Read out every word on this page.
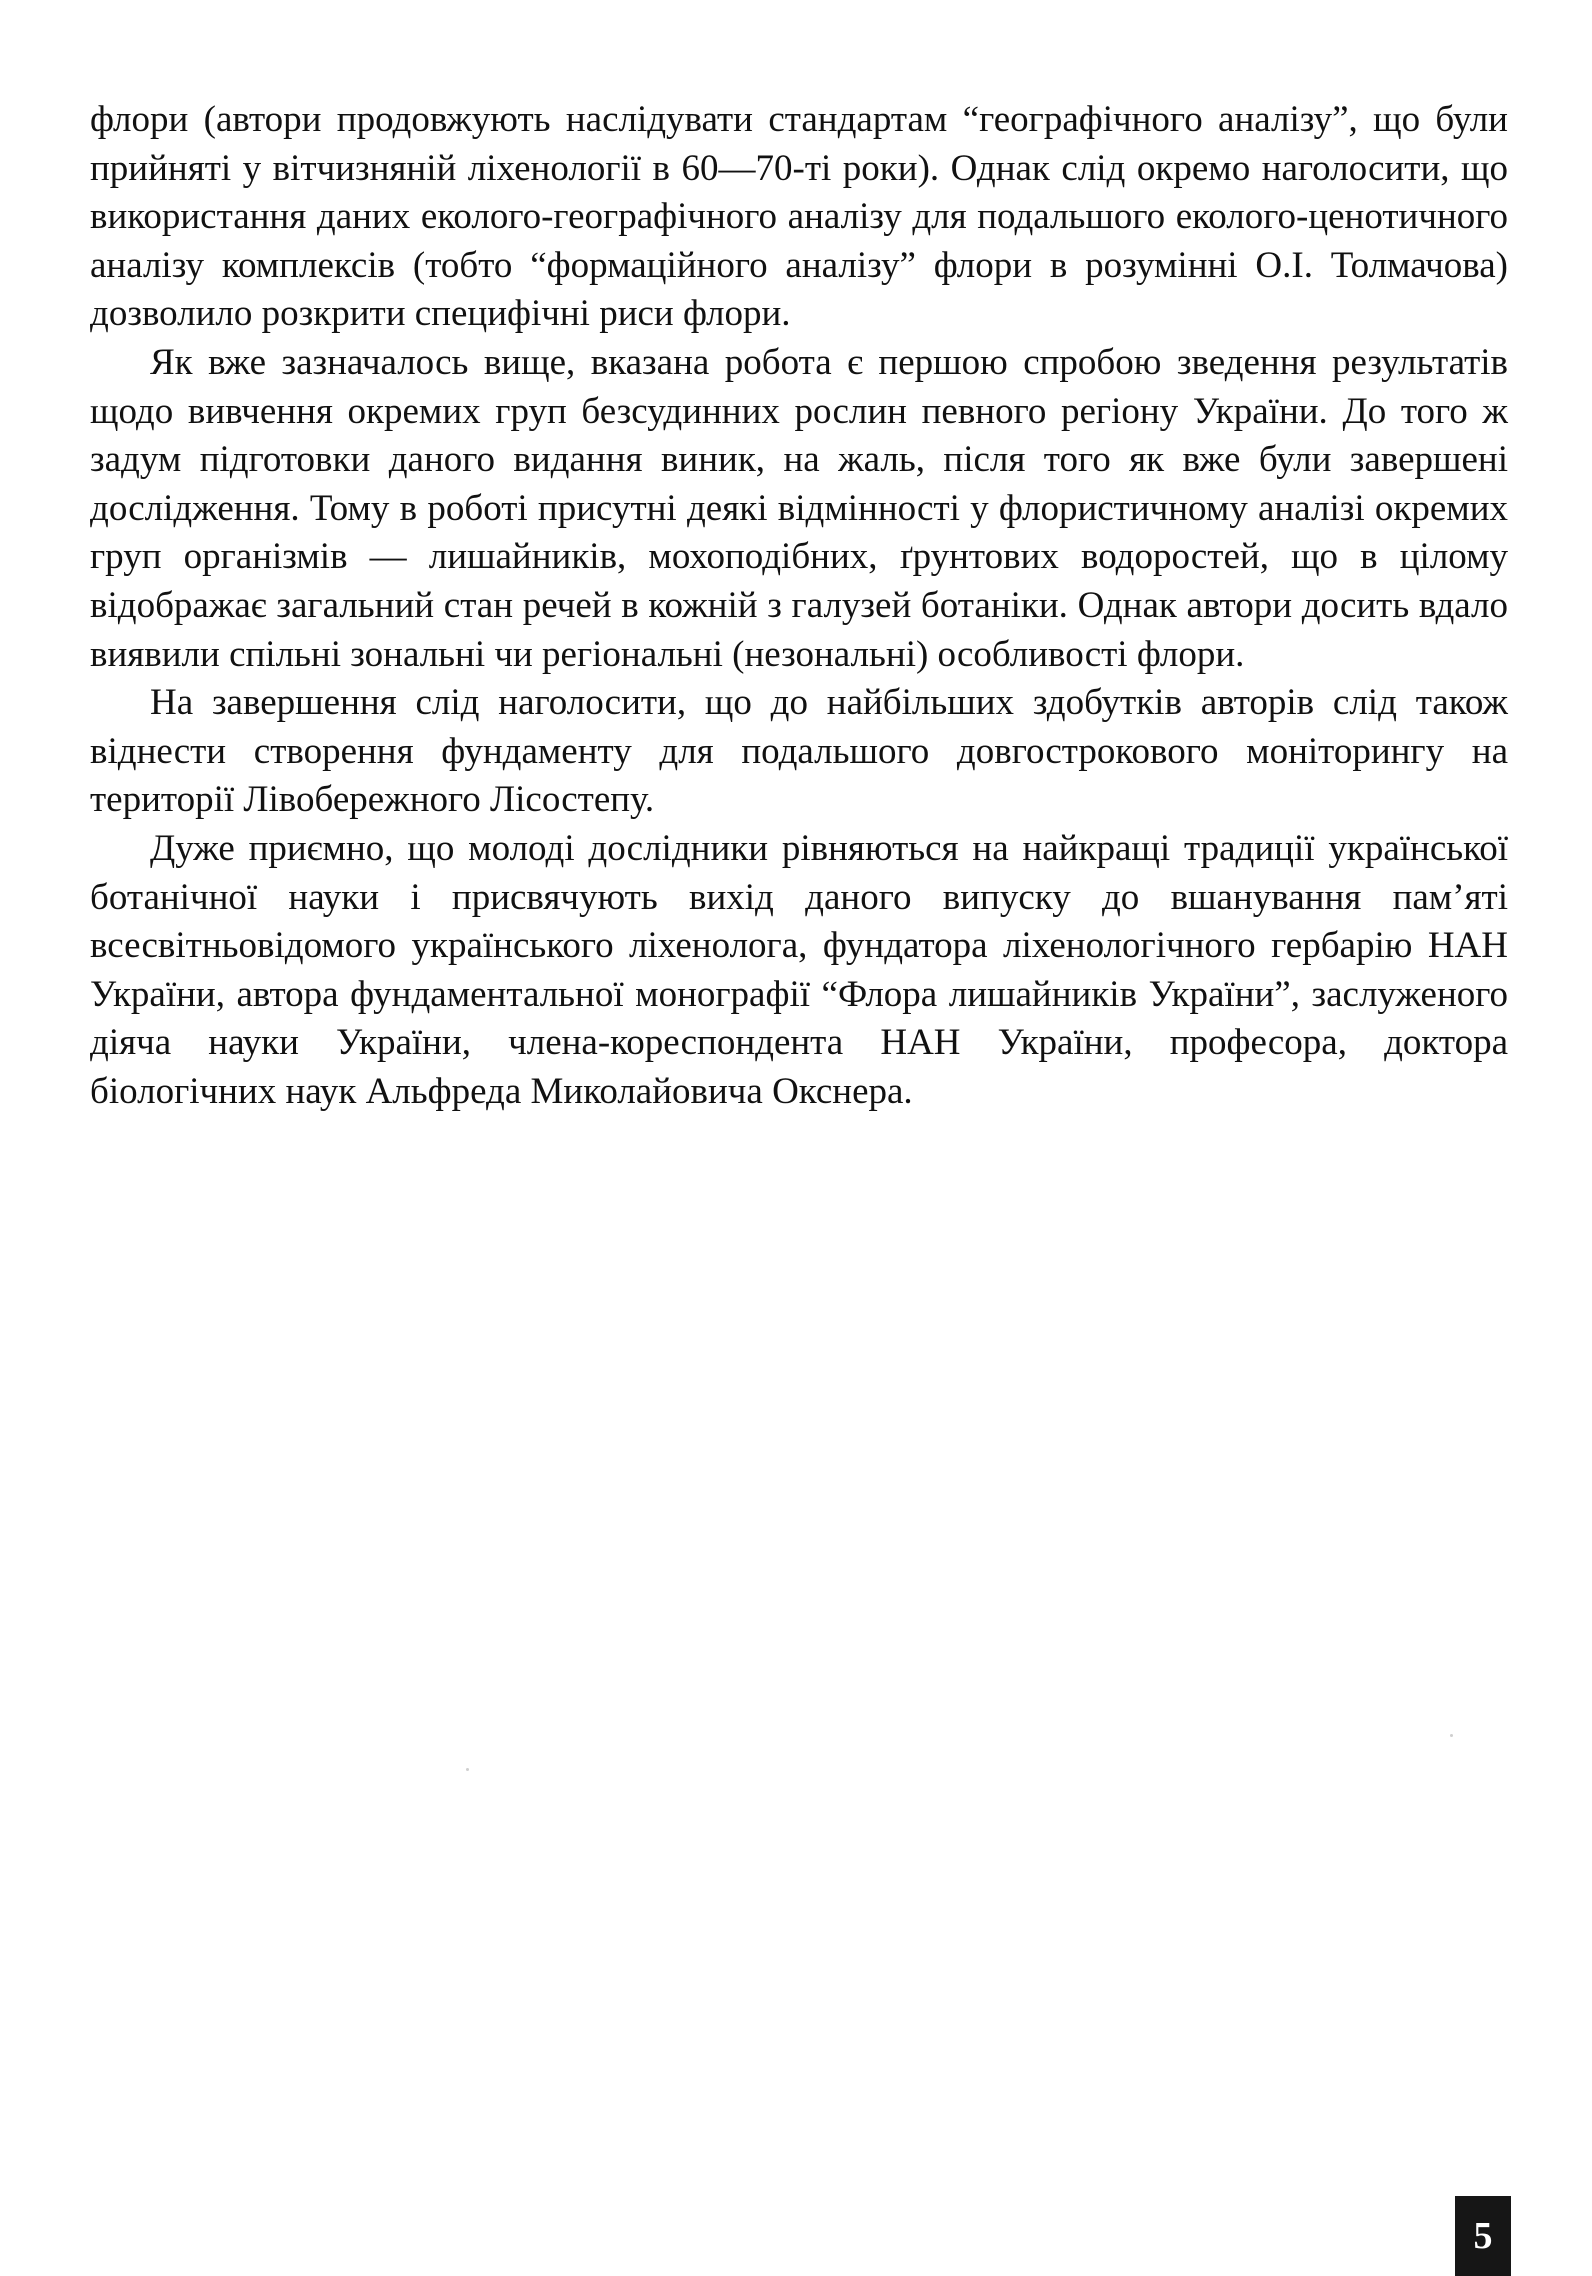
флори (автори продовжують наслідувати стандартам “географічного аналізу”, що були прийняті у вітчизняній ліхенології в 60—70-ті роки). Однак слід окремо наголосити, що використання даних еколого-географічного аналізу для подальшого еколого-ценотичного аналізу комплексів (тобто “формаційного аналізу” флори в розумінні О.І. Толмачова) дозволило розкрити специфічні риси флори.

Як вже зазначалось вище, вказана робота є першою спробою зведення результатів щодо вивчення окремих груп безсудинних рослин певного регіону України. До того ж задум підготовки даного видання виник, на жаль, після того як вже були завершені дослідження. Тому в роботі присутні деякі відмінності у флористичному аналізі окремих груп організмів — лишайників, мохоподібних, ґрунтових водоростей, що в цілому відображає загальний стан речей в кожній з галузей ботаніки. Однак автори досить вдало виявили спільні зональні чи регіональні (незональні) особливості флори.

На завершення слід наголосити, що до найбільших здобутків авторів слід також віднести створення фундаменту для подальшого довгострокового моніторингу на території Лівобережного Лісостепу.

Дуже приємно, що молоді дослідники рівняються на найкращі традиції української ботанічної науки і присвячують вихід даного випуску до вшанування пам’яті всесвітньовідомого українського ліхенолога, фундатора ліхенологічного гербарію НАН України, автора фундаментальної монографії “Флора лишайників України”, заслуженого діяча науки України, члена-кореспондента НАН України, професора, доктора біологічних наук Альфреда Миколайовича Окснера.

5
